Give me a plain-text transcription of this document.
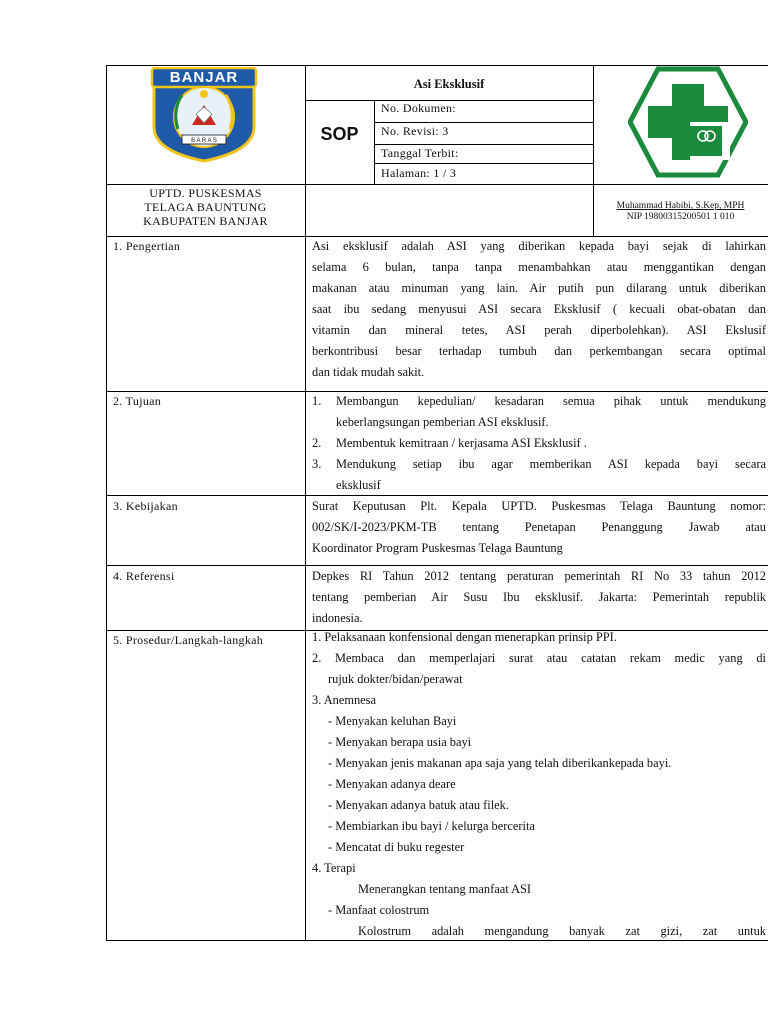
B A R A S
BANJAR	Asi Eksklusif
SOP
No. Dokumen:
No. Revisi: 3
Tanggal Terbit:
Halaman: 1 / 3
UPTD. PUSKESMAS
TELAGA BAUNTUNG
KABUPATEN BANJAR
Muhammad Habibi, S.Kep, MPH
NIP 19800315200501 1 010
1. Pengertian	Asi eksklusif adalah ASI yang diberikan kepada bayi sejak di lahirkan
selama 6 bulan, tanpa tanpa menambahkan atau menggantikan dengan
makanan atau minuman yang lain. Air putih pun dilarang untuk diberikan
saat ibu sedang menyusui ASI secara Eksklusif ( kecuali obat-obatan dan
vitamin dan mineral tetes, ASI perah diperbolehkan). ASI Ekslusif
berkontribusi besar terhadap tumbuh dan perkembangan secara optimal
dan tidak mudah sakit.
2. Tujuan	1. Membangun kepedulian/ kesadaran semua pihak untuk mendukung
keberlangsungan pemberian ASI eksklusif.
2. Membentuk kemitraan / kerjasama ASI Eksklusif .
3. Mendukung setiap ibu agar memberikan ASI kepada bayi secara
eksklusif
3. Kebijakan	Surat Keputusan Plt. Kepala UPTD. Puskesmas Telaga Bauntung nomor:
002/SK/I-2023/PKM-TB tentang Penetapan Penanggung Jawab atau
Koordinator Program Puskesmas Telaga Bauntung
4. Referensi	Depkes RI Tahun 2012 tentang peraturan pemerintah RI No 33 tahun 2012
tentang pemberian Air Susu Ibu eksklusif. Jakarta: Pemerintah republik
indonesia.
5. Prosedur/Langkah-langkah	1. Pelaksanaan konfensional dengan menerapkan prinsip PPI.
2. Membaca dan memperlajari surat atau catatan rekam medic yang di
rujuk dokter/bidan/perawat
3. Anemnesa
- Menyakan keluhan Bayi
- Menyakan berapa usia bayi
- Menyakan jenis makanan apa saja yang telah diberikankepada bayi.
- Menyakan adanya deare
- Menyakan adanya batuk atau filek.
- Membiarkan ibu bayi / kelurga bercerita
- Mencatat di buku regester
4. Terapi
Menerangkan tentang manfaat ASI
- Manfaat colostrum
Kolostrum adalah mengandung banyak zat gizi, zat untuk
